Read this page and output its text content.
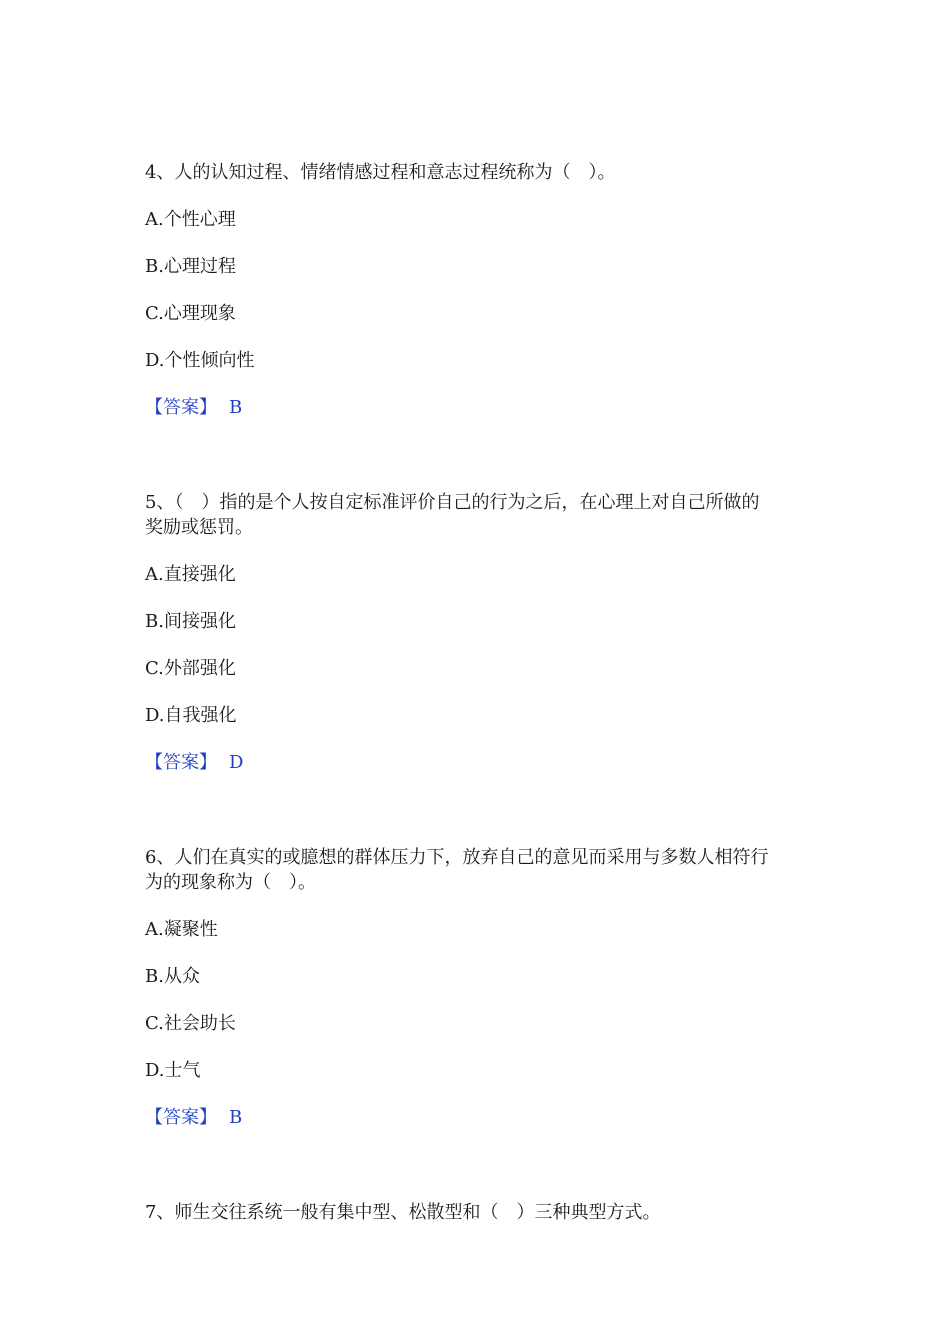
4、人的认知过程、情绪情感过程和意志过程统称为（　）。
A.个性心理
B.心理过程
C.心理现象
D.个性倾向性
【答案】 B
5、（　）指的是个人按自定标准评价自己的行为之后，在心理上对自己所做的
奖励或惩罚。
A.直接强化
B.间接强化
C.外部强化
D.自我强化
【答案】 D
6、人们在真实的或臆想的群体压力下，放弃自己的意见而采用与多数人相符行
为的现象称为（　）。
A.凝聚性
B.从众
C.社会助长
D.士气
【答案】 B
7、师生交往系统一般有集中型、松散型和（　）三种典型方式。
